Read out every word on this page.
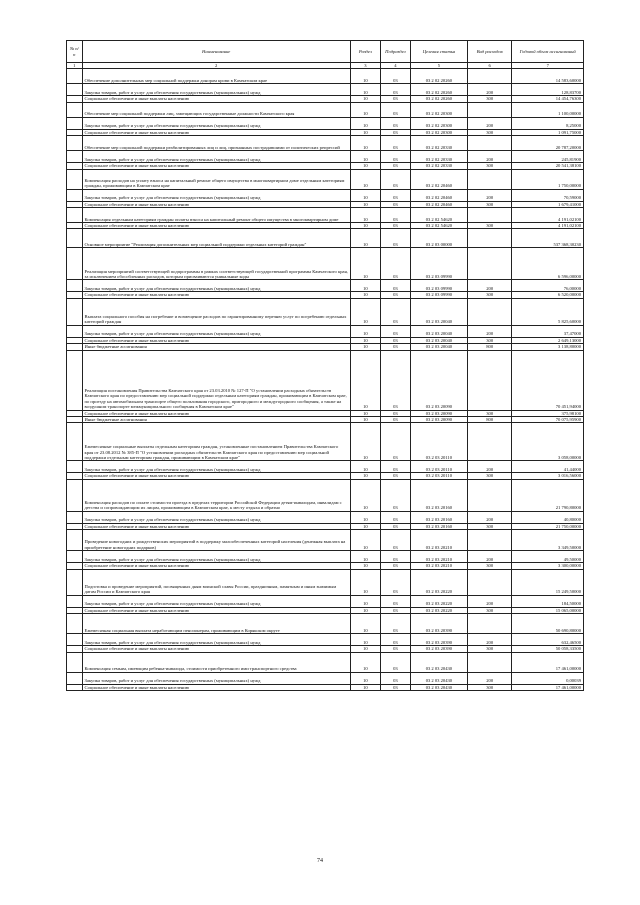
№ п/п	Наименование	Раздел	Подраздел	Целевая статья	Вид расходов	Годовой объем ассигнований
1	2	3	4	5	6	7
	Обеспечение дополнительных мер социальной поддержки донорам крови в Камчатском крае	10	03	03 2 02 20260		14 583,60000
	Закупка товаров, работ и услуг для обеспечения государственных (муниципальных) нужд	10	03	03 2 02 20260	200	128,83700
	Социальное обеспечение и иные выплаты населению	10	03	03 2 02 20260	300	14 454,76300
	Обеспечение мер социальной поддержки лиц, замещающих государственные должности Камчатского края	10	03	03 2 02 20300		1 100,00000
	Закупка товаров, работ и услуг для обеспечения государственных (муниципальных) нужд	10	03	03 2 02 20300	200	8,25000
	Социальное обеспечение и иные выплаты населению	10	03	03 2 02 20300	300	1 091,75000
	Обеспечение мер социальной поддержки реабилитированных лиц и лиц, признанных пострадавшими от политических репрессий	10	03	03 2 02 20330		20 787,20000
	Закупка товаров, работ и услуг для обеспечения государственных (муниципальных) нужд	10	03	03 2 02 20330	200	245,81900
	Социальное обеспечение и иные выплаты населению	10	03	03 2 02 20330	300	20 541,38100
	Компенсация расходов на уплату взноса на капитальный ремонт общего имущества в многоквартирном доме отдельным категориям граждан, проживающим в Камчатском крае	10	03	03 2 02 20460		1 750,00000
	Закупка товаров, работ и услуг для обеспечения государственных (муниципальных) нужд	10	03	03 2 02 20460	200	70,59000
	Социальное обеспечение и иные выплаты населению	10	03	03 2 02 20460	300	1 679,41000
	Компенсация отдельным категориям граждан оплаты взноса на капитальный ремонт общего имущества в многоквартирном доме	10	03	03 2 02 54620		4 191,02100
	Социальное обеспечение и иные выплаты населению	10	03	03 2 02 54620	300	4 191,02100
	Основное мероприятие "Реализация дополнительных мер социальной поддержки отдельных категорий граждан"	10	03	03 2 03 00000		537 368,30230
	Реализация мероприятий соответствующей подпрограммы в рамках соответствующей государственной программы Камчатского края, за исключением обособленных расходов, которым присваиваются уникальные коды	10	03	03 2 03 09990		6 596,00000
	Закупка товаров, работ и услуг для обеспечения государственных (муниципальных) нужд	10	03	03 2 03 09990	200	76,00000
	Социальное обеспечение и иные выплаты населению	10	03	03 2 03 09990	300	6 520,00000
	Выплата социального пособия на погребение и возмещение расходов по гарантированному перечню услуг по погребению отдельных категорий граждан	10	03	03 2 03 20040		5 825,60000
	Закупка товаров, работ и услуг для обеспечения государственных (муниципальных) нужд	10	03	03 2 03 20040	200	37,47000
	Социальное обеспечение и иные выплаты населению	10	03	03 2 03 20040	300	2 649,13000
	Иные бюджетные ассигнования	10	03	03 2 03 20040	800	3 138,80000
	Реализация постановления Правительства Камчатского края от 23.03.2010 № 127-П "О установлении расходных обязательств Камчатского края по предоставлению мер социальной поддержки отдельным категориям граждан, проживающим в Камчатском крае, по проезду на автомобильном транспорте общего пользования городского, пригородного и междугородного сообщения, а также на воздушном транспорте межмуниципального сообщения в Камчатском крае"	10	03	03 2 03 20090		70 451,94000
	Социальное обеспечение и иные выплаты населению	10	03	03 2 03 20090	300	375,98100
	Иные бюджетные ассигнования	10	03	03 2 03 20090	800	70 075,95900
	Ежемесячные социальные выплаты отдельным категориям граждан, установленные постановлением Правительства Камчатского края от 23.08.2012 № 385-П "О установлении расходных обязательств Камчатского края по предоставлению мер социальной поддержки отдельным категориям граждан, проживающим в Камчатском крае"	10	03	03 2 03 20110		3 058,00000
	Закупка товаров, работ и услуг для обеспечения государственных (муниципальных) нужд	10	03	03 2 03 20110	200	41,44000
	Социальное обеспечение и иные выплаты населению	10	03	03 2 03 20110	300	3 016,56000
	Компенсация расходов по оплате стоимости проезда в пределах территории Российской Федерации детям-инвалидам, инвалидам с детства и сопровождающим их лицам, проживающим в Камчатском крае, к месту отдыха и обратно	10	03	03 2 03 20160		21 790,80000
	Закупка товаров, работ и услуг для обеспечения государственных (муниципальных) нужд	10	03	03 2 03 20160	200	40,80000
	Социальное обеспечение и иные выплаты населению	10	03	03 2 03 20160	300	21 750,00000
	Проведение новогодних и рождественских мероприятий в поддержку малообеспеченных категорий населения (денежная выплата на приобретение новогодних подарков)	10	03	03 2 03 20210		3 349,50000
	Закупка товаров, работ и услуг для обеспечения государственных (муниципальных) нужд	10	03	03 2 03 20210	200	49,50000
	Социальное обеспечение и иные выплаты населению	10	03	03 2 03 20210	300	3 300,00000
	Подготовка и проведение мероприятий, посвященных дням воинской славы России, праздничным, памятным и иным значимым датам России и Камчатского края	10	03	03 2 03 20220		15 249,50000
	Закупка товаров, работ и услуг для обеспечения государственных (муниципальных) нужд	10	03	03 2 03 20220	200	184,50000
	Социальное обеспечение и иные выплаты населению	10	03	03 2 03 20220	300	15 065,00000
	Ежемесячная социальная выплата неработающим пенсионерам, проживающим в Корякском округе	10	03	03 2 03 20390		50 690,80000
	Закупка товаров, работ и услуг для обеспечения государственных (муниципальных) нужд	10	03	03 2 03 20390	200	632,46500
	Социальное обеспечение и иные выплаты населению	10	03	03 2 03 20390	300	50 058,33500
	Компенсация семьям, имеющим ребенка-инвалида, стоимости приобретенного ими транспортного средства	10	03	03 2 03 20430		17 461,00000
	Закупка товаров, работ и услуг для обеспечения государственных (муниципальных) нужд	10	03	03 2 03 20430	200	0,00039
	Социальное обеспечение и иные выплаты населению	10	03	03 2 03 20430	300	17 461,00000
74
